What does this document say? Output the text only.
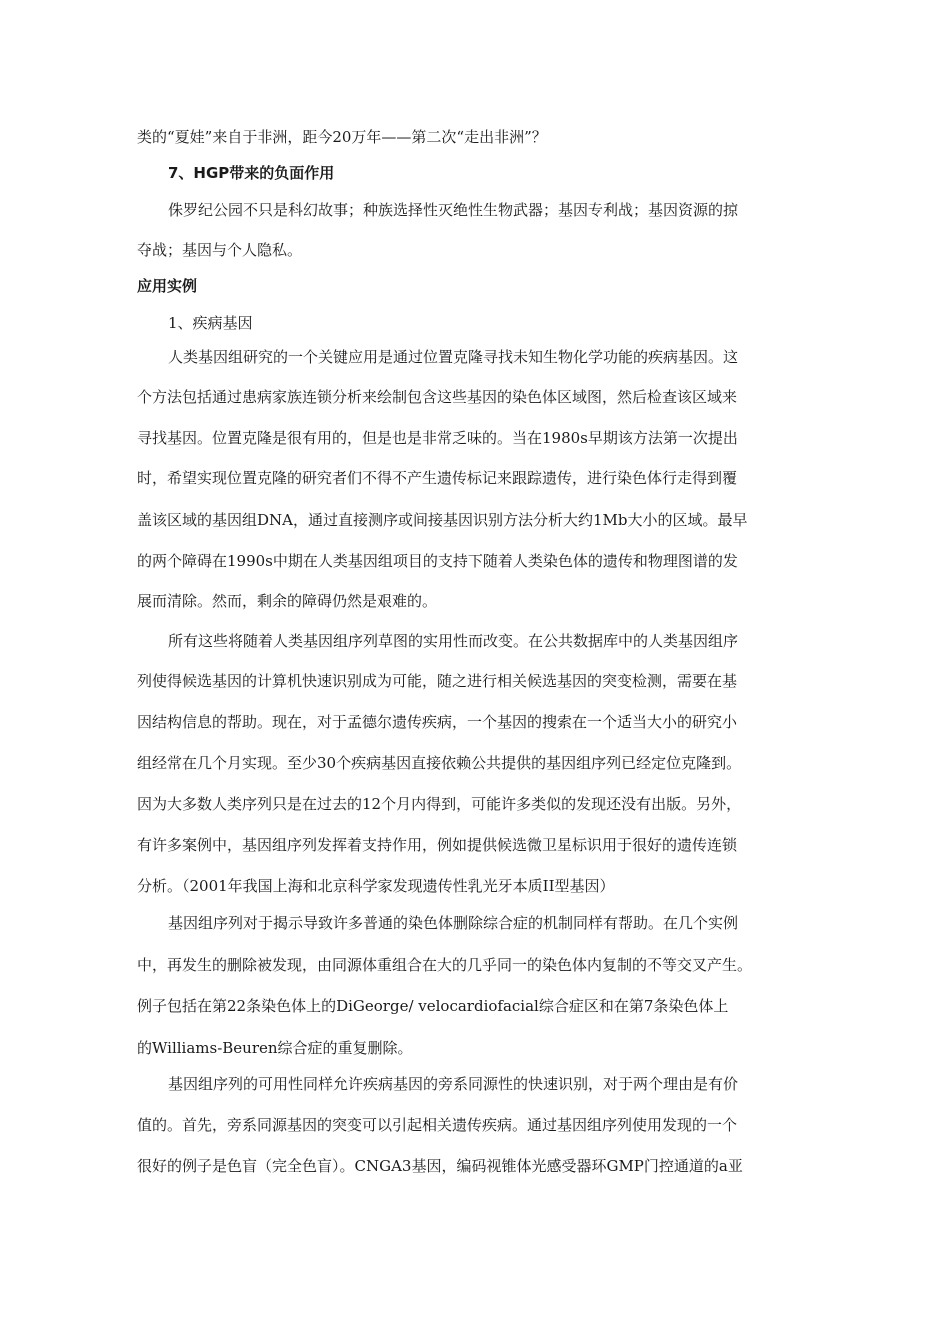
类的“夏娃”来自于非洲，距今20万年——第二次“走出非洲”？
7、HGP带来的负面作用
侏罗纪公园不只是科幻故事；种族选择性灭绝性生物武器；基因专利战；基因资源的掠
夺战；基因与个人隐私。
应用实例
1、疾病基因
人类基因组研究的一个关键应用是通过位置克隆寻找未知生物化学功能的疾病基因。这
个方法包括通过患病家族连锁分析来绘制包含这些基因的染色体区域图，然后检查该区域来
寻找基因。位置克隆是很有用的，但是也是非常乏味的。当在1980s早期该方法第一次提出
时，希望实现位置克隆的研究者们不得不产生遗传标记来跟踪遗传，进行染色体行走得到覆
盖该区域的基因组DNA，通过直接测序或间接基因识别方法分析大约1Mb大小的区域。最早
的两个障碍在1990s中期在人类基因组项目的支持下随着人类染色体的遗传和物理图谱的发
展而清除。然而，剩余的障碍仍然是艰难的。
所有这些将随着人类基因组序列草图的实用性而改变。在公共数据库中的人类基因组序
列使得候选基因的计算机快速识别成为可能，随之进行相关候选基因的突变检测，需要在基
因结构信息的帮助。现在，对于孟德尔遗传疾病，一个基因的搜索在一个适当大小的研究小
组经常在几个月实现。至少30个疾病基因直接依赖公共提供的基因组序列已经定位克隆到。
因为大多数人类序列只是在过去的12个月内得到，可能许多类似的发现还没有出版。另外，
有许多案例中，基因组序列发挥着支持作用，例如提供候选微卫星标识用于很好的遗传连锁
分析。（2001年我国上海和北京科学家发现遗传性乳光牙本质II型基因）
基因组序列对于揭示导致许多普通的染色体删除综合症的机制同样有帮助。在几个实例
中，再发生的删除被发现，由同源体重组合在大的几乎同一的染色体内复制的不等交叉产生。
例子包括在第22条染色体上的DiGeorge/ velocardiofacial综合症区和在第7条染色体上
的Williams-Beuren综合症的重复删除。
基因组序列的可用性同样允许疾病基因的旁系同源性的快速识别，对于两个理由是有价
值的。首先，旁系同源基因的突变可以引起相关遗传疾病。通过基因组序列使用发现的一个
很好的例子是色盲（完全色盲）。CNGA3基因，编码视锥体光感受器环GMP门控通道的a亚
